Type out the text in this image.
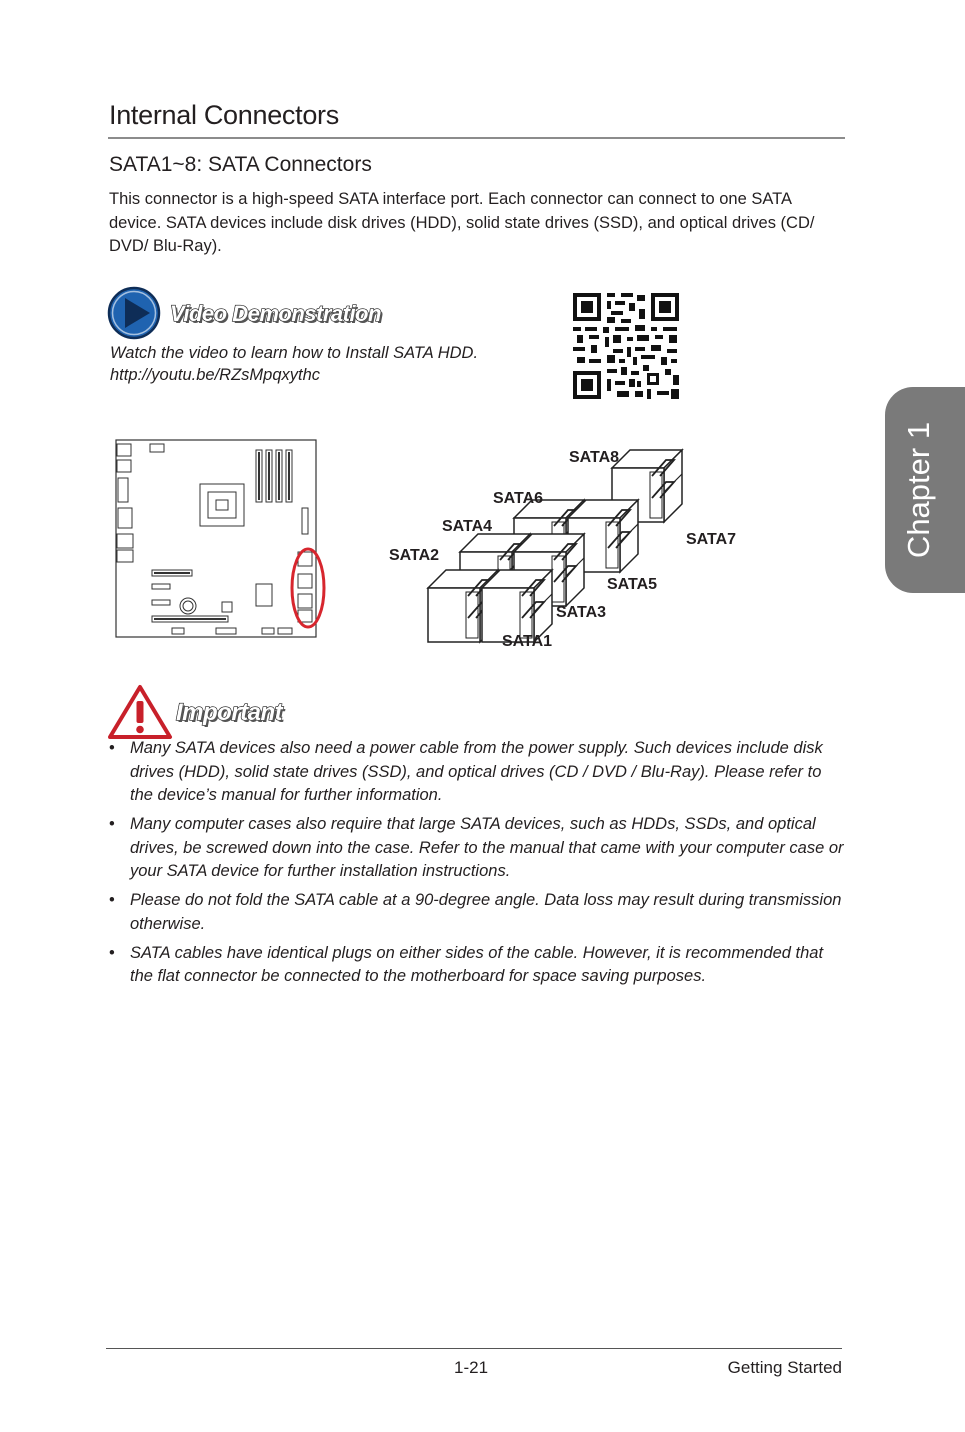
Internal Connectors
SATA1~8: SATA Connectors
This connector is a high-speed SATA interface port. Each connector can connect to one SATA device. SATA devices include disk drives (HDD), solid state drives (SSD), and optical drives (CD/ DVD/ Blu-Ray).
Video Demonstration
Watch the video to learn how to Install SATA HDD.
http://youtu.be/RZsMpqxythc
SATA8
SATA6
SATA4
SATA2
SATA7
SATA5
SATA3
SATA1
Important
• Many SATA devices also need a power cable from the power supply. Such devices include disk drives (HDD), solid state drives (SSD), and optical drives (CD / DVD / Blu-Ray). Please refer to the device’s manual for further information.
• Many computer cases also require that large SATA devices, such as HDDs, SSDs, and optical drives, be screwed down into the case. Refer to the manual that came with your computer case or your SATA device for further installation instructions.
• Please do not fold the SATA cable at a 90-degree angle. Data loss may result during transmission otherwise.
• SATA cables have identical plugs on either sides of the cable. However, it is recommended that the flat connector be connected to the motherboard for space saving purposes.
Chapter 1
1-21	Getting Started
